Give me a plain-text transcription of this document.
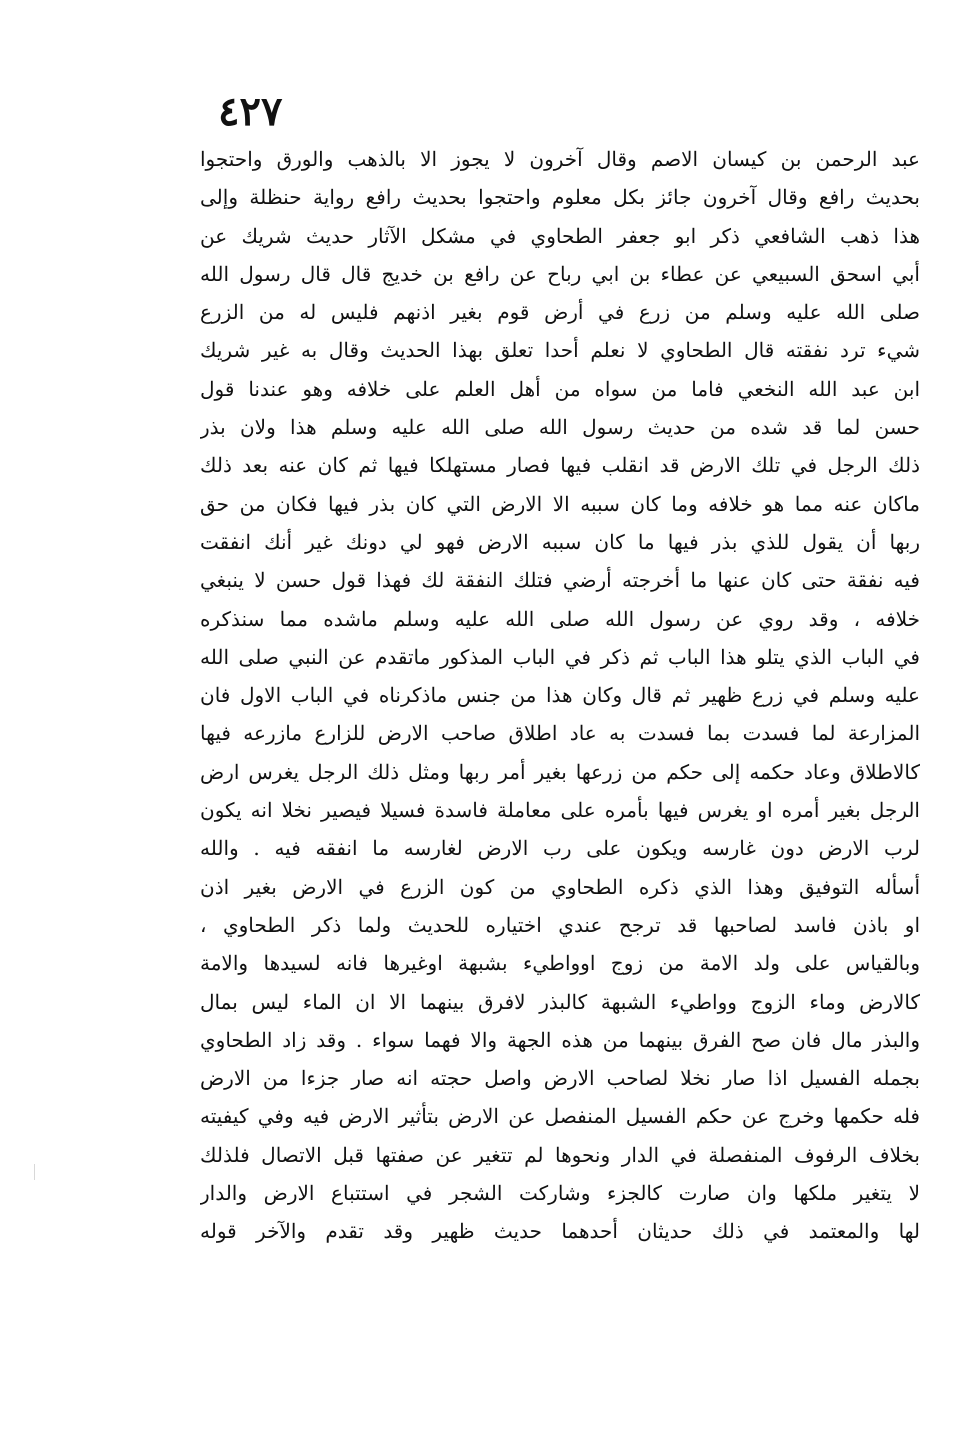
٤٢٧
عبد الرحمن بن كيسان الاصم وقال آخرون لا يجوز الا بالذهب والورق واحتجوا
بحديث رافع وقال آخرون جائز بكل معلوم واحتجوا بحديث رافع رواية حنظلة وإلى
هذا ذهب الشافعي ذكر ابو جعفر الطحاوي في مشكل الآثار حديث شريك عن
أبي اسحق السبيعي عن عطاء بن ابي رباح عن رافع بن خديج قال قال رسول الله
صلى الله عليه وسلم من زرع في أرض قوم بغير اذنهم فليس له من الزرع
شيء ترد نفقته قال الطحاوي لا نعلم أحدا تعلق بهذا الحديث وقال به غير شريك
ابن عبد الله النخعي فاما من سواه من أهل العلم على خلافه وهو عندنا قول
حسن لما قد شده من حديث رسول الله صلى الله عليه وسلم هذا ولان بذر
ذلك الرجل في تلك الارض قد انقلب فيها فصار مستهلكا فيها ثم كان عنه بعد ذلك
ماكان عنه مما هو خلافه وما كان سببه الا الارض التي كان بذر فيها فكان من حق
ربها أن يقول للذي بذر فيها ما كان سببه الارض فهو لي دونك غير أنك انفقت
فيه نفقة حتى كان عنها ما أخرجته أرضي فتلك النفقة لك فهذا قول حسن لا ينبغي
خلافه ، وقد روي عن رسول الله صلى الله عليه وسلم ماشده مما سنذكره
في الباب الذي يتلو هذا الباب ثم ذكر في الباب المذكور ماتقدم عن النبي صلى الله
عليه وسلم في زرع ظهير ثم قال وكان هذا من جنس ماذكرناه في الباب الاول فان
المزارعة لما فسدت بما فسدت به عاد اطلاق صاحب الارض للزارع مازرعه فيها
كالاطلاق وعاد حكمه إلى حكم من زرعها بغير أمر ربها ومثل ذلك الرجل يغرس ارض
الرجل بغير أمره او يغرس فيها بأمره على معاملة فاسدة فسيلا فيصير نخلا انه يكون
لرب الارض دون غارسه ويكون على رب الارض لغارسه ما انفقه فيه . والله
أسأله التوفيق وهذا الذي ذكره الطحاوي من كون الزرع في الارض بغير اذن
او باذن فاسد لصاحبها قد ترجح عندي اختياره للحديث ولما ذكر الطحاوي ،
وبالقياس على ولد الامة من زوج اوواطيء بشبهة اوغيرها فانه لسيدها والامة
كالارض وماء الزوج وواطيء الشبهة كالبذر لافرق بينهما الا ان الماء ليس بمال
والبذر مال فان صح الفرق بينهما من هذه الجهة والا فهما سواء . وقد زاد الطحاوي
بجمله الفسيل اذا صار نخلا لصاحب الارض واصل حجته انه صار جزءا من الارض
فله حكمها وخرج عن حكم الفسيل المنفصل عن الارض بتأثير الارض فيه وفي كيفيته
بخلاف الرفوف المنفصلة في الدار ونحوها لم تتغير عن صفتها قبل الاتصال فلذلك
لا يتغير ملكها وان صارت كالجزء وشاركت الشجر في استتباع الارض والدار
لها والمعتمد في ذلك حديثان أحدهما حديث ظهير وقد تقدم والآخر قوله
